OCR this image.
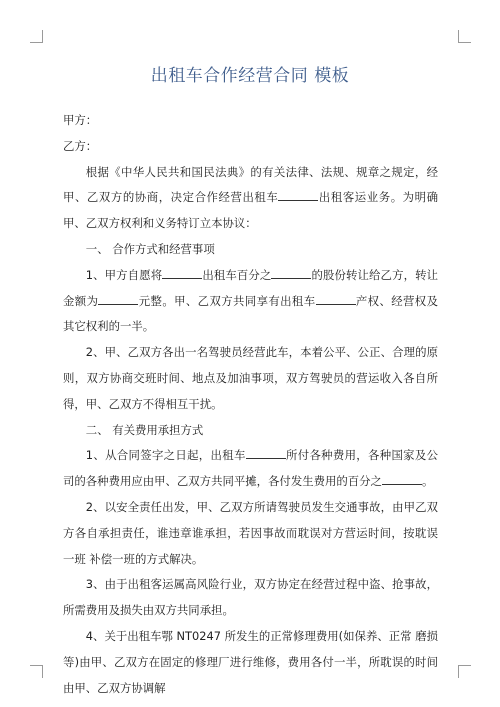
出租车合作经营合同 模板

甲方：

乙方：

根据《中华人民共和国民法典》的有关法律、法规、规章之规定，经甲、乙双方的协商，决定合作经营出租车	出租客运业务。为明确甲、乙双方权利和义务特订立本协议：

一、 合作方式和经营事项

1、甲方自愿将	出租车百分之	的股份转让给乙方，转让金额为	元整。甲、乙双方共同享有出租车	产权、经营权及其它权利的一半。

2、甲、乙双方各出一名驾驶员经营此车，本着公平、公正、合理的原则，双方协商交班时间、地点及加油事项，双方驾驶员的营运收入各自所得，甲、乙双方不得相互干扰。

二、 有关费用承担方式

1、从合同签字之日起，出租车	所付各种费用，各种国家及公司的各种费用应由甲、乙双方共同平摊，各付发生费用的百分之	。

2、以安全责任出发，甲、乙双方所请驾驶员发生交通事故，由甲乙双方各自承担责任，谁违章谁承担，若因事故而耽误对方营运时间，按耽误一班 补偿一班的方式解决。

3、由于出租客运属高风险行业，双方协定在经营过程中盗、抢事故，所需费用及损失由双方共同承担。

4、关于出租车鄂 NT0247 所发生的正常修理费用(如保养、正常 磨损等)由甲、乙双方在固定的修理厂进行维修，费用各付一半，所耽误的时间由甲、乙双方协调解
